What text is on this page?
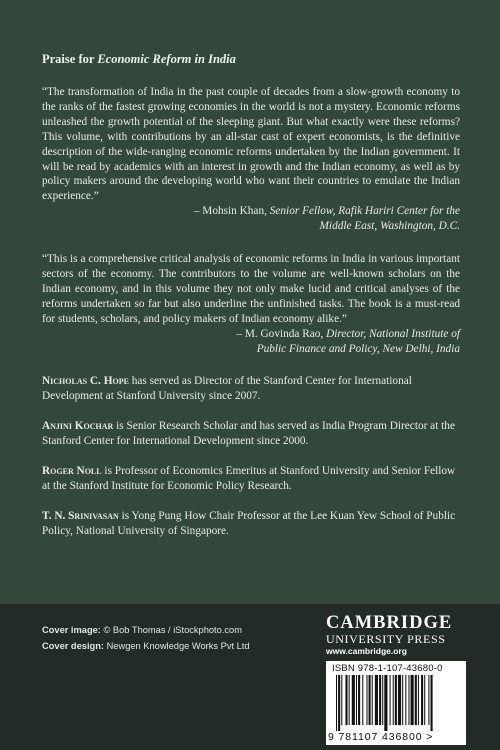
Praise for Economic Reform in India

“The transformation of India in the past couple of decades from a slow-growth economy to the ranks of the fastest growing economies in the world is not a mystery. Economic reforms unleashed the growth potential of the sleeping giant. But what exactly were these reforms? This volume, with contributions by an all-star cast of expert economists, is the definitive description of the wide-ranging economic reforms undertaken by the Indian government. It will be read by academics with an interest in growth and the Indian economy, as well as by policy makers around the developing world who want their countries to emulate the Indian experience.”

– Mohsin Khan, Senior Fellow, Rafik Hariri Center for the

Middle East, Washington, D.C.

“This is a comprehensive critical analysis of economic reforms in India in various important sectors of the economy. The contributors to the volume are well-known scholars on the Indian economy, and in this volume they not only make lucid and critical analyses of the reforms undertaken so far but also underline the unfinished tasks. The book is a must-read for students, scholars, and policy makers of Indian economy alike.”

– M. Govinda Rao, Director, National Institute of

Public Finance and Policy, New Delhi, India

Nicholas C. Hope has served as Director of the Stanford Center for International Development at Stanford University since 2007.

Anjini Kochar is Senior Research Scholar and has served as India Program Director at the Stanford Center for International Development since 2000.

Roger Noll is Professor of Economics Emeritus at Stanford University and Senior Fellow at the Stanford Institute for Economic Policy Research.

T. N. Srinivasan is Yong Pung How Chair Professor at the Lee Kuan Yew School of Public Policy, National University of Singapore.

Cover image: © Bob Thomas / iStockphoto.com
Cover design: Newgen Knowledge Works Pvt Ltd
CAMBRIDGE
UNIVERSITY PRESS
www.cambridge.org
ISBN 978-1-107-43680-0
9 781107 436800 >
